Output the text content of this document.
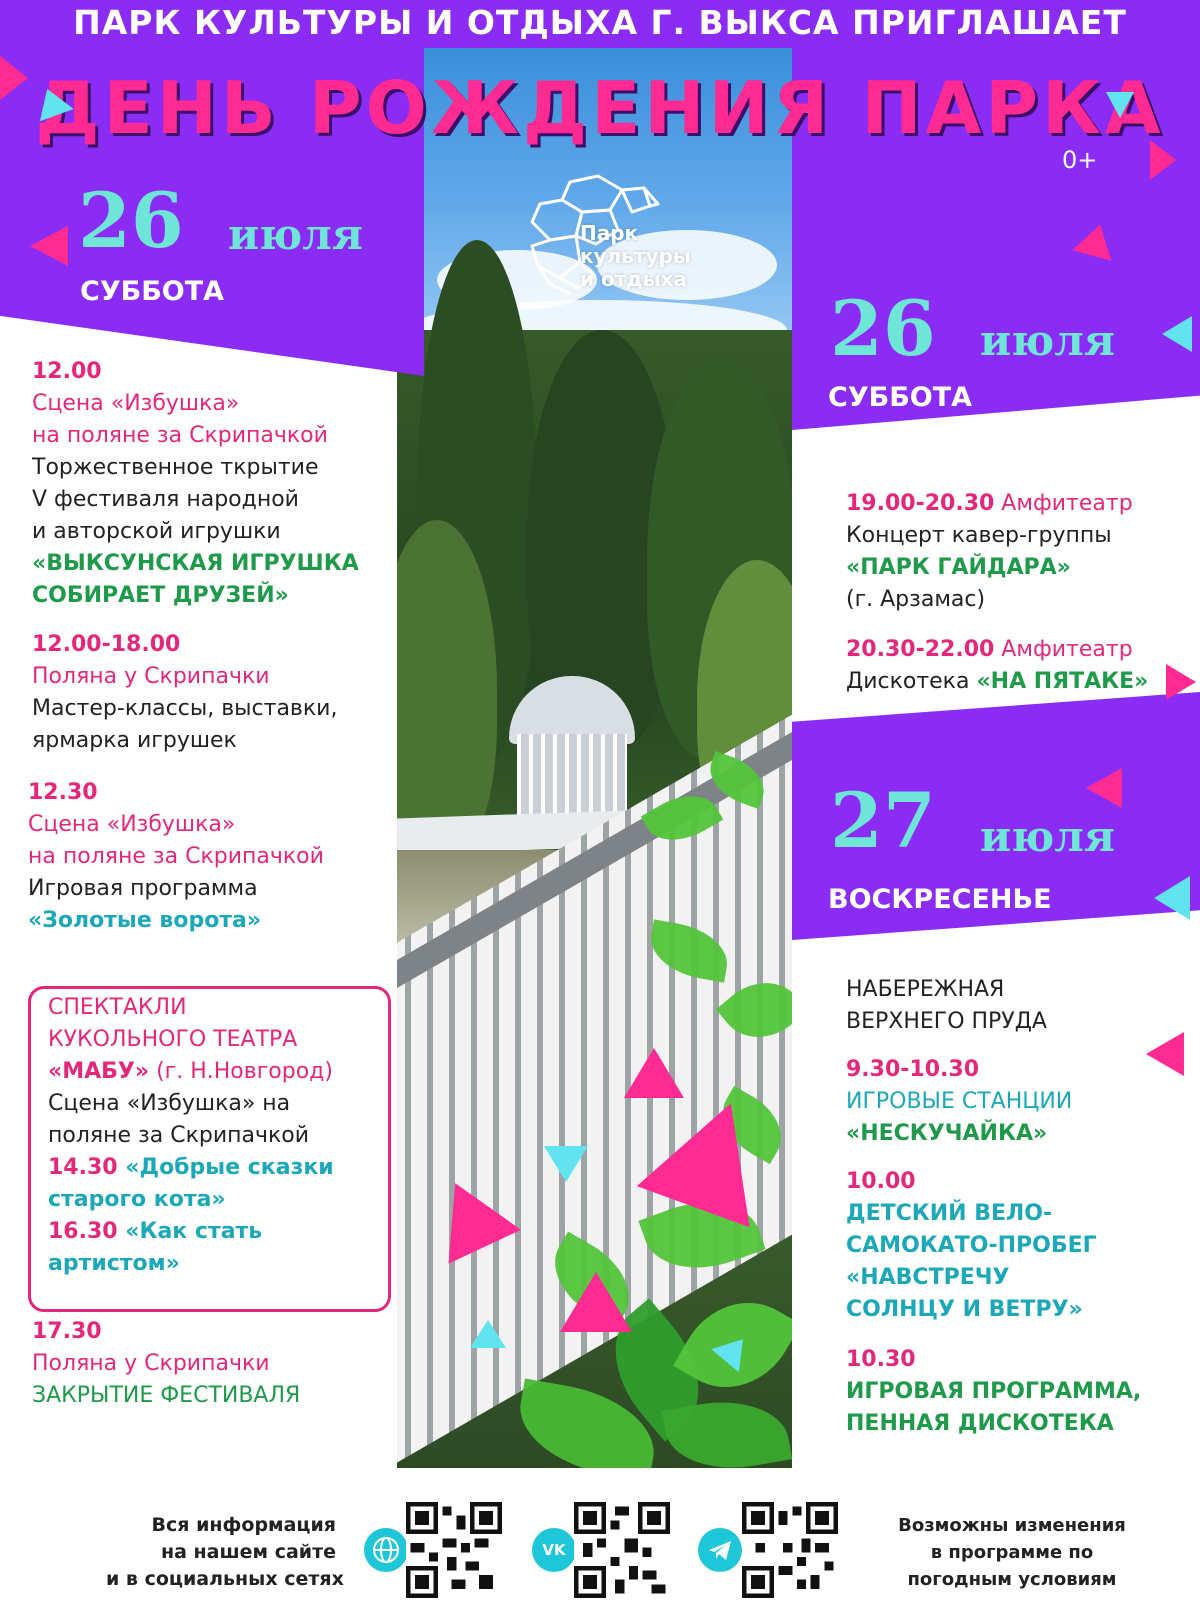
ПАРК КУЛЬТУРЫ И ОТДЫХА Г. ВЫКСА ПРИГЛАШАЕТ
ДЕНЬ РОЖДЕНИЯ ПАРКА
0+
Парк
культуры
и отдыха
26 июля
СУББОТА
12.00
Сцена «Избушка»
на поляне за Скрипачкой
Торжественное ткрытие
V фестиваля народной
и авторской игрушки
«ВЫКСУНСКАЯ ИГРУШКА
СОБИРАЕТ ДРУЗЕЙ»
12.00-18.00
Поляна у Скрипачки
Мастер-классы, выставки,
ярмарка игрушек
12.30
Сцена «Избушка»
на поляне за Скрипачкой
Игровая программа
«Золотые ворота»
СПЕКТАКЛИ
КУКОЛЬНОГО ТЕАТРА
«МАБУ» (г. Н.Новгород)
Сцена «Избушка» на
поляне за Скрипачкой
14.30 «Добрые сказки
старого кота»
16.30 «Как стать
артистом»
17.30
Поляна у Скрипачки
ЗАКРЫТИЕ ФЕСТИВАЛЯ
26 июля
СУББОТА
19.00-20.30 Амфитеатр
Концерт кавер-группы
«ПАРК ГАЙДАРА»
(г. Арзамас)
20.30-22.00 Амфитеатр
Дискотека «НА ПЯТАКЕ»
27 июля
ВОСКРЕСЕНЬЕ
НАБЕРЕЖНАЯ
ВЕРХНЕГО ПРУДА
9.30-10.30
ИГРОВЫЕ СТАНЦИИ
«НЕСКУЧАЙКА»
10.00
ДЕТСКИЙ ВЕЛО-
САМОКАТО-ПРОБЕГ
«НАВСТРЕЧУ
СОЛНЦУ И ВЕТРУ»
10.30
ИГРОВАЯ ПРОГРАММА,
ПЕННАЯ ДИСКОТЕКА
Вся информация
на нашем сайте
и в социальных сетях
VK
Возможны изменения
в программе по
погодным условиям
